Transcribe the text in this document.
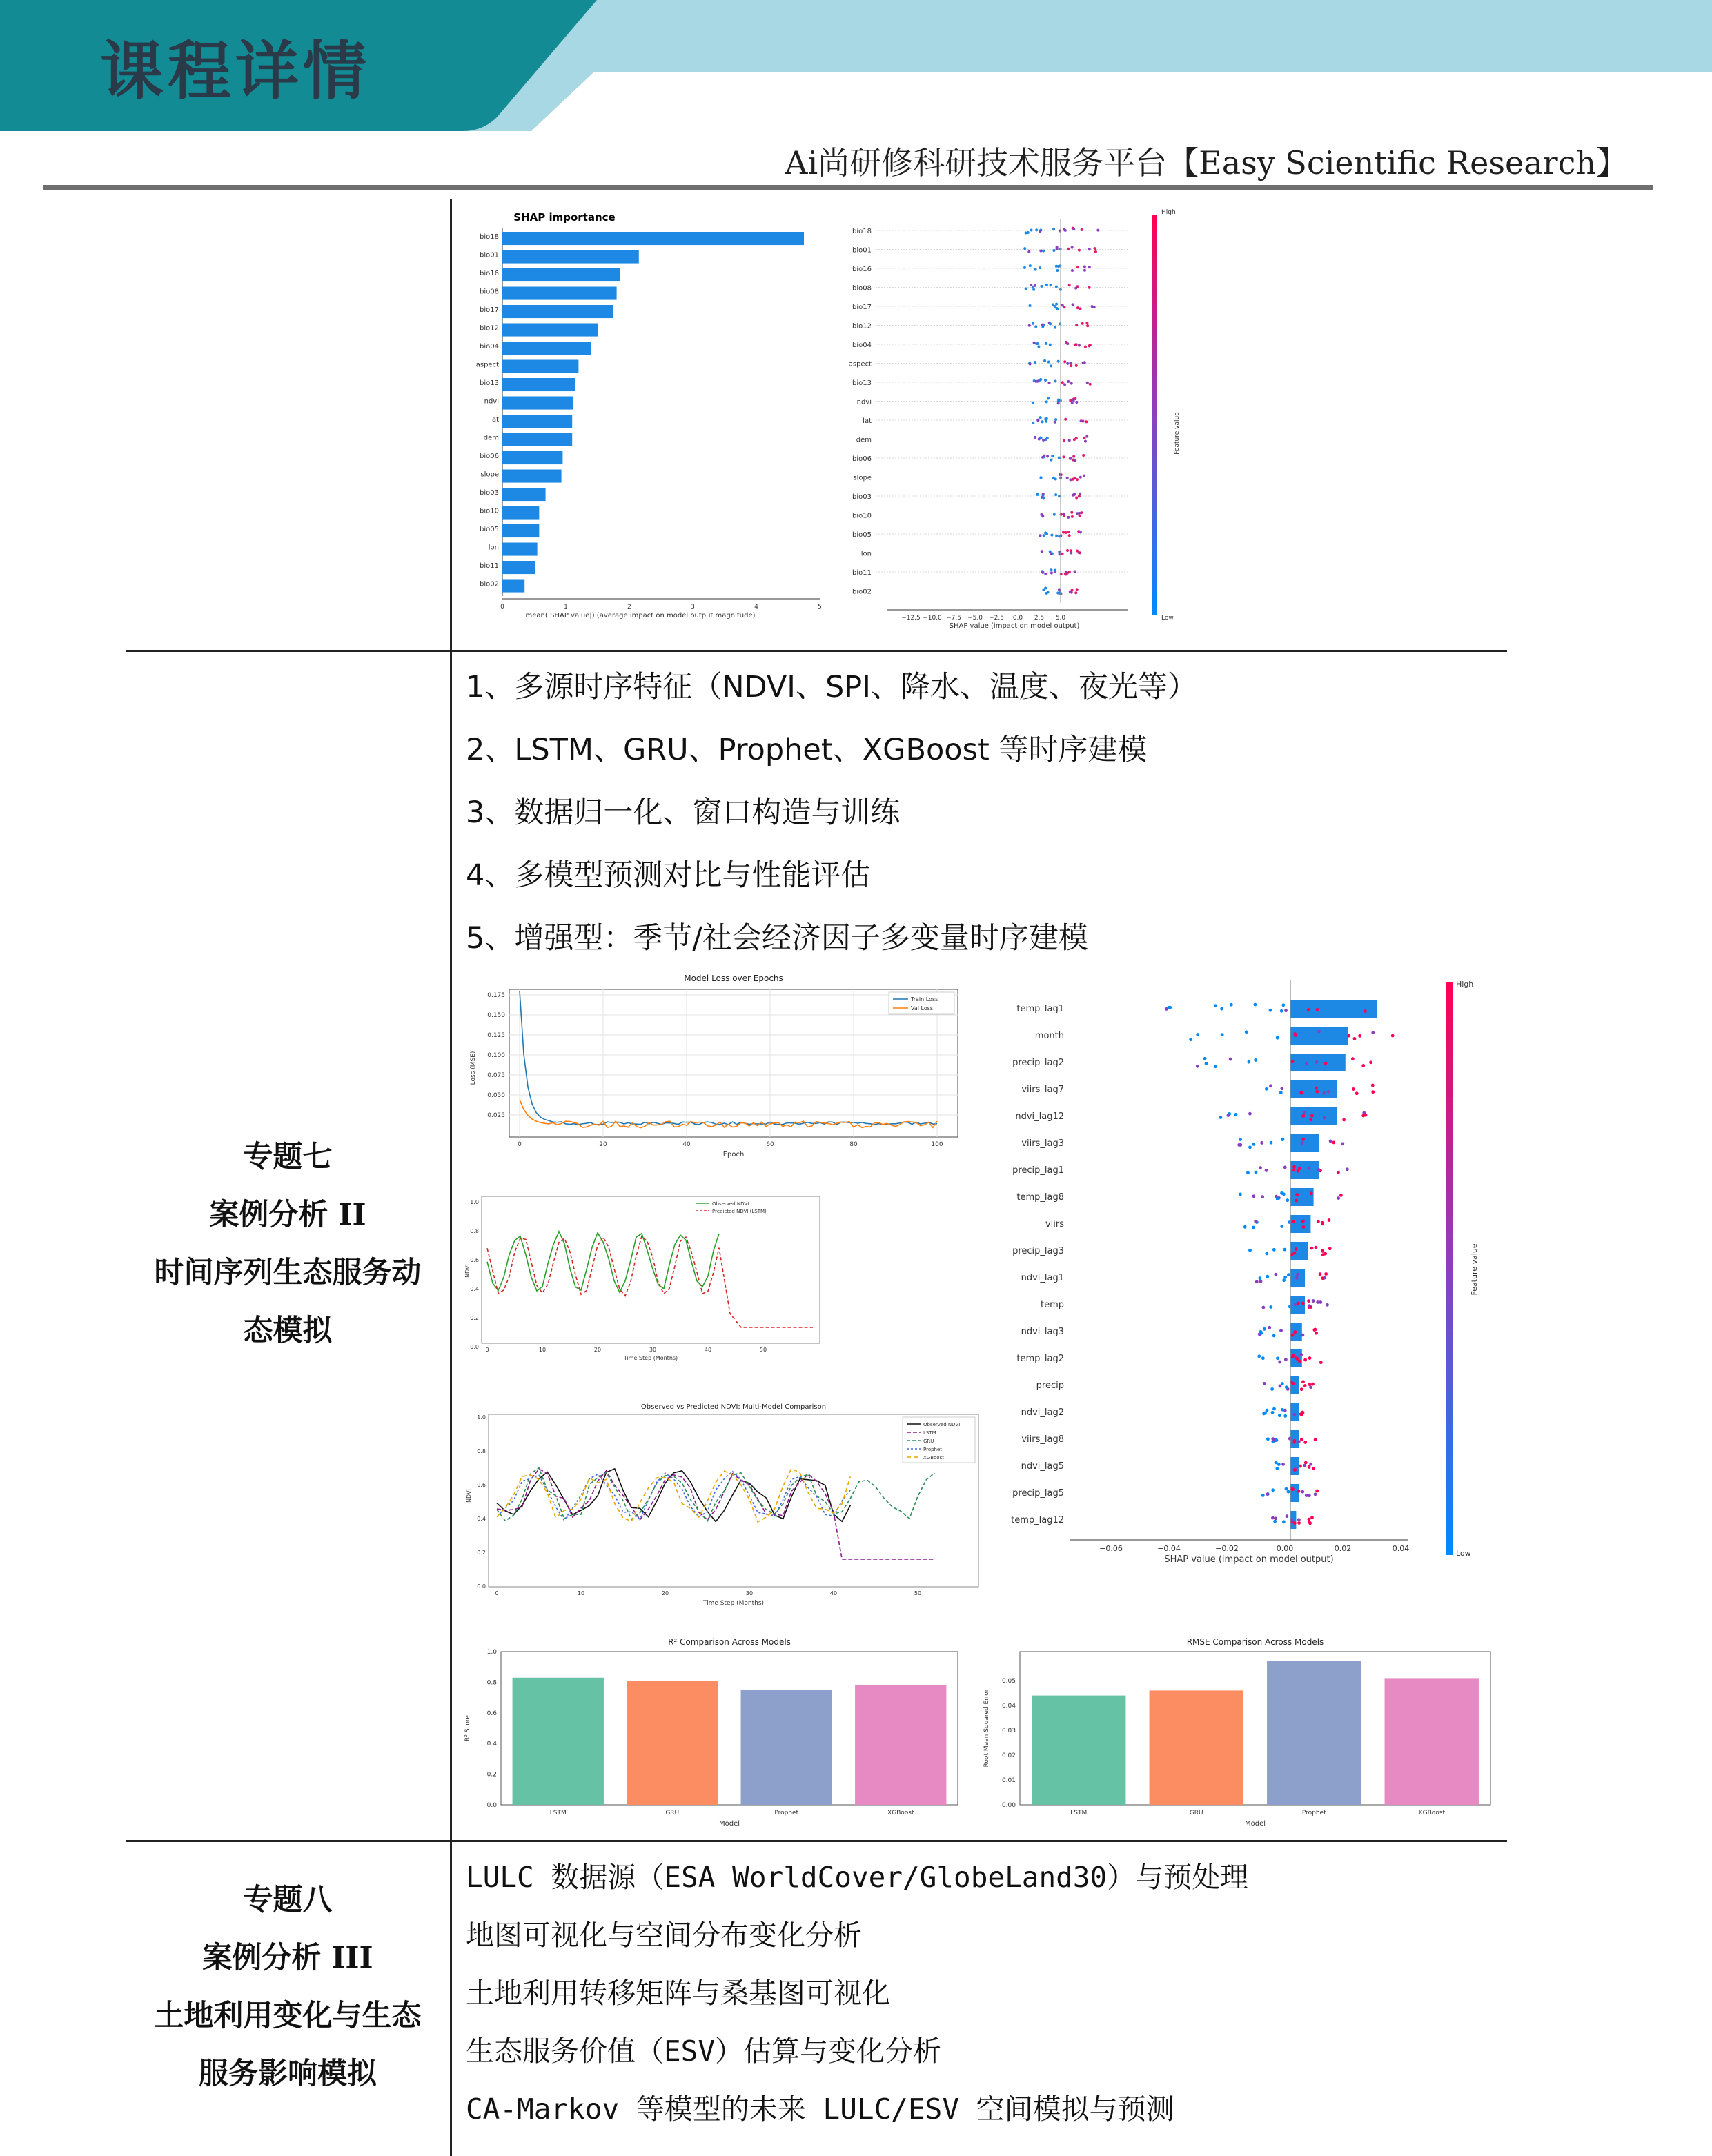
课程详情
Ai尚研修科研技术服务平台【Easy Scientific Research】
SHAP importance
bio18
bio01
bio16
bio08
bio17
bio12
bio04
aspect
bio13
ndvi
lat
dem
bio06
slope
bio03
bio10
bio05
lon
bio11
bio02
0	1	2	3	4	5
mean(|SHAP value|) (average impact on model output magnitude)
bio18
bio01
bio16
bio08
bio17
bio12
bio04
aspect
bio13
ndvi
lat
dem
bio06
slope
bio03
bio10
bio05
lon
bio11
bio02
−12.5 −10.0 −7.5 −5.0 −2.5 0.0 2.5 5.0
SHAP value (impact on model output)
High
Low
Feature value
专题七
案例分析 II
时间序列生态服务动
态模拟
1、多源时序特征（NDVI、SPI、降水、温度、夜光等）
2、LSTM、GRU、Prophet、XGBoost 等时序建模
3、数据归一化、窗口构造与训练
4、多模型预测对比与性能评估
5、增强型：季节/社会经济因子多变量时序建模
Model Loss over Epochs
0.175
0.150
0.125
0.100
0.075
0.050
0.025
0	20	40	60	80	100
Epoch
Loss (MSE)
Train Loss
Val Loss
1.0
0.8
0.6
0.4
0.2
0.0 0	10	20	30	40	50
Time Step (Months)
NDVI
Observed NDVI
Predicted NDVI (LSTM)
Observed vs Predicted NDVI: Multi-Model Comparison
1.0
0.8
0.6
0.4
0.2
0.0
0	10	20	30	40	50
Time Step (Months)
NDVI
Observed NDVI
LSTM
GRU
Prophet
XGBoost
temp_lag1
month
precip_lag2
viirs_lag7
ndvi_lag12
viirs_lag3
precip_lag1
temp_lag8
viirs
precip_lag3
ndvi_lag1
temp
ndvi_lag3
temp_lag2
precip
ndvi_lag2
viirs_lag8
ndvi_lag5
precip_lag5
temp_lag12
−0.06	−0.04	−0.02	0.00	0.02	0.04
SHAP value (impact on model output)
High
Low
Feature value
R² Comparison Across Models
0.0
0.2
0.4
0.6
0.8
1.0
LSTM	GRU	Prophet	XGBoost
Model
R² Score
RMSE Comparison Across Models
0.00
0.01
0.02
0.03
0.04
0.05
LSTM	GRU	Prophet	XGBoost
Model
Root Mean Squared Error
专题八
案例分析 III
土地利用变化与生态
服务影响模拟
LULC 数据源（ESA WorldCover/GlobeLand30）与预处理
地图可视化与空间分布变化分析
土地利用转移矩阵与桑基图可视化
生态服务价值（ESV）估算与变化分析
CA-Markov 等模型的未来 LULC/ESV 空间模拟与预测
